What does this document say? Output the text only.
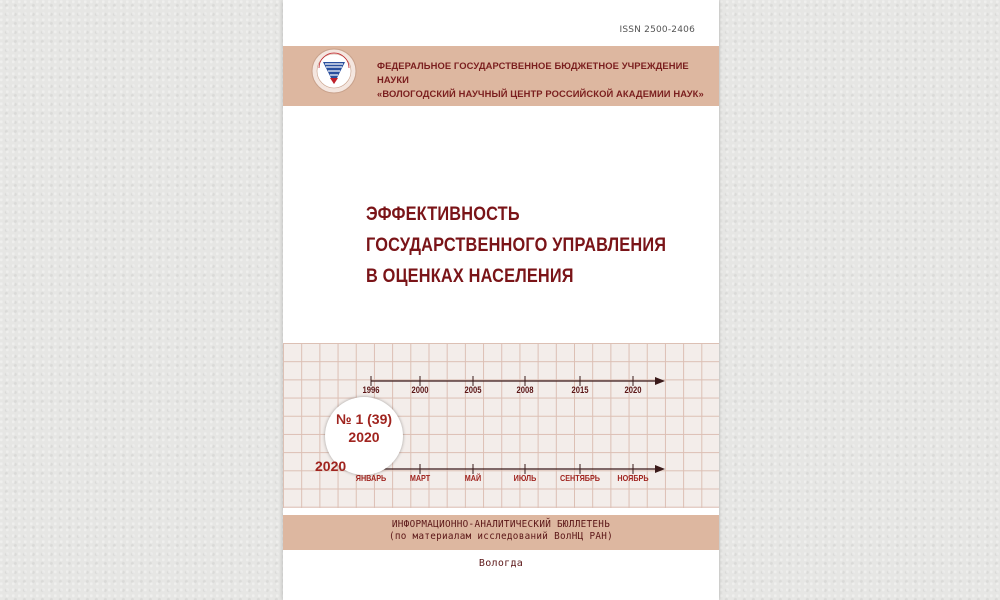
ISSN 2500-2406
ФЕДЕРАЛЬНОЕ ГОСУДАРСТВЕННОЕ БЮДЖЕТНОЕ УЧРЕЖДЕНИЕ НАУКИ
«ВОЛОГОДСКИЙ НАУЧНЫЙ ЦЕНТР РОССИЙСКОЙ АКАДЕМИИ НАУК»
ЭФФЕКТИВНОСТЬ
ГОСУДАРСТВЕННОГО УПРАВЛЕНИЯ
В ОЦЕНКАХ НАСЕЛЕНИЯ
№ 1 (39)
2020
2020
ИНФОРМАЦИОННО-АНАЛИТИЧЕСКИЙ БЮЛЛЕТЕНЬ
(по материалам исследований ВолНЦ РАН)
Вологда
1996	2000	2005	2008	2015	2020
ЯНВАРЬ	МАРТ	МАЙ	ИЮЛЬ	СЕНТЯБРЬ НОЯБРЬ
